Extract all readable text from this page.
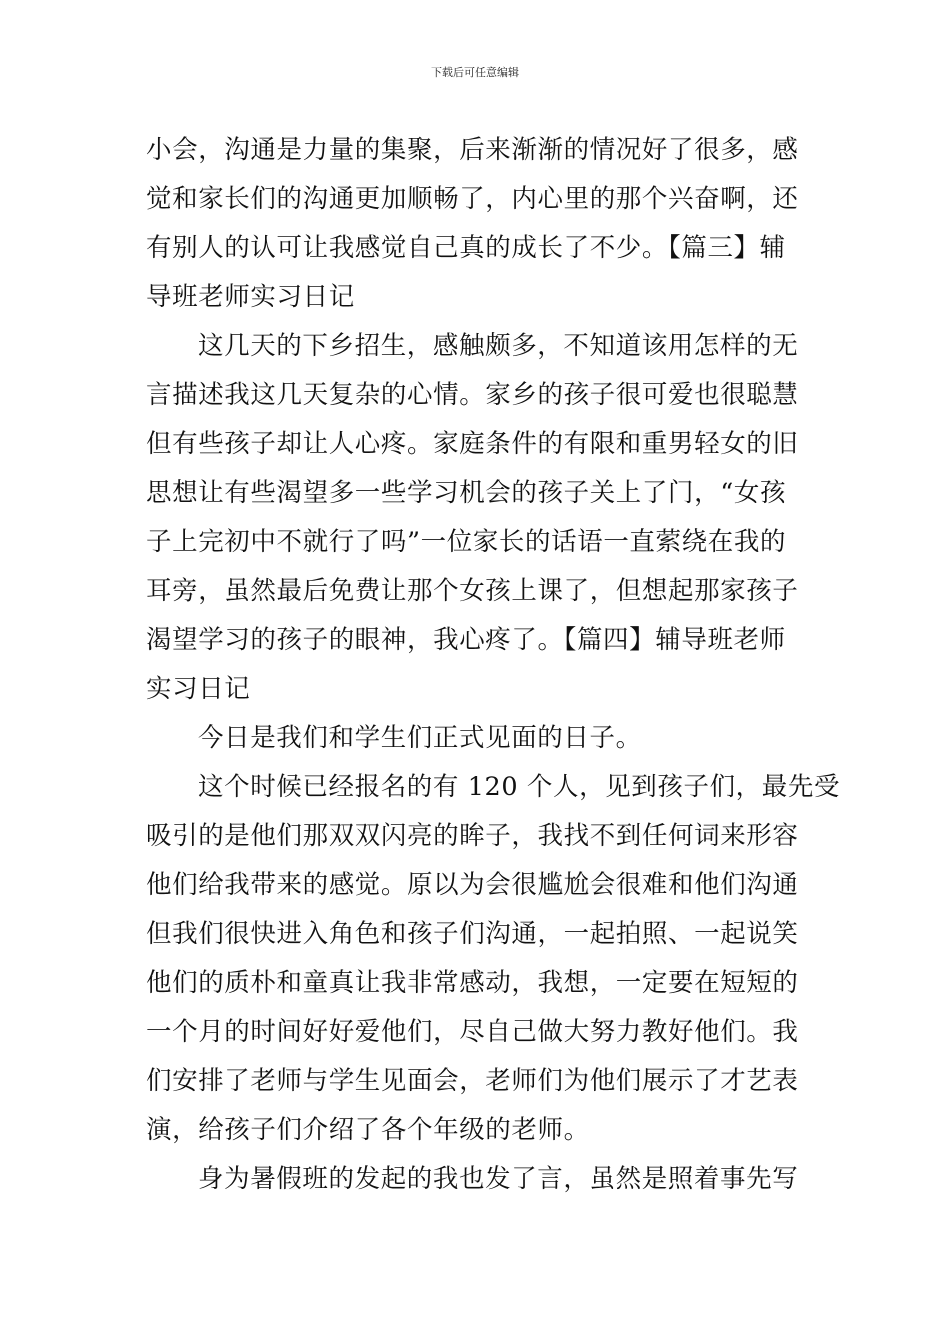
下载后可任意编辑
小会，沟通是力量的集聚，后来渐渐的情况好了很多，感
觉和家长们的沟通更加顺畅了，内心里的那个兴奋啊，还
有别人的认可让我感觉自己真的成长了不少。【篇三】辅
导班老师实习日记
这几天的下乡招生，感触颇多，不知道该用怎样的无
言描述我这几天复杂的心情。家乡的孩子很可爱也很聪慧
但有些孩子却让人心疼。家庭条件的有限和重男轻女的旧
思想让有些渴望多一些学习机会的孩子关上了门，“女孩
子上完初中不就行了吗”一位家长的话语一直萦绕在我的
耳旁，虽然最后免费让那个女孩上课了，但想起那家孩子
渴望学习的孩子的眼神，我心疼了。【篇四】辅导班老师
实习日记
今日是我们和学生们正式见面的日子。
这个时候已经报名的有 120 个人，见到孩子们，最先受
吸引的是他们那双双闪亮的眸子，我找不到任何词来形容
他们给我带来的感觉。原以为会很尴尬会很难和他们沟通
但我们很快进入角色和孩子们沟通，一起拍照、一起说笑
他们的质朴和童真让我非常感动，我想，一定要在短短的
一个月的时间好好爱他们，尽自己做大努力教好他们。我
们安排了老师与学生见面会，老师们为他们展示了才艺表
演，给孩子们介绍了各个年级的老师。
身为暑假班的发起的我也发了言，虽然是照着事先写
